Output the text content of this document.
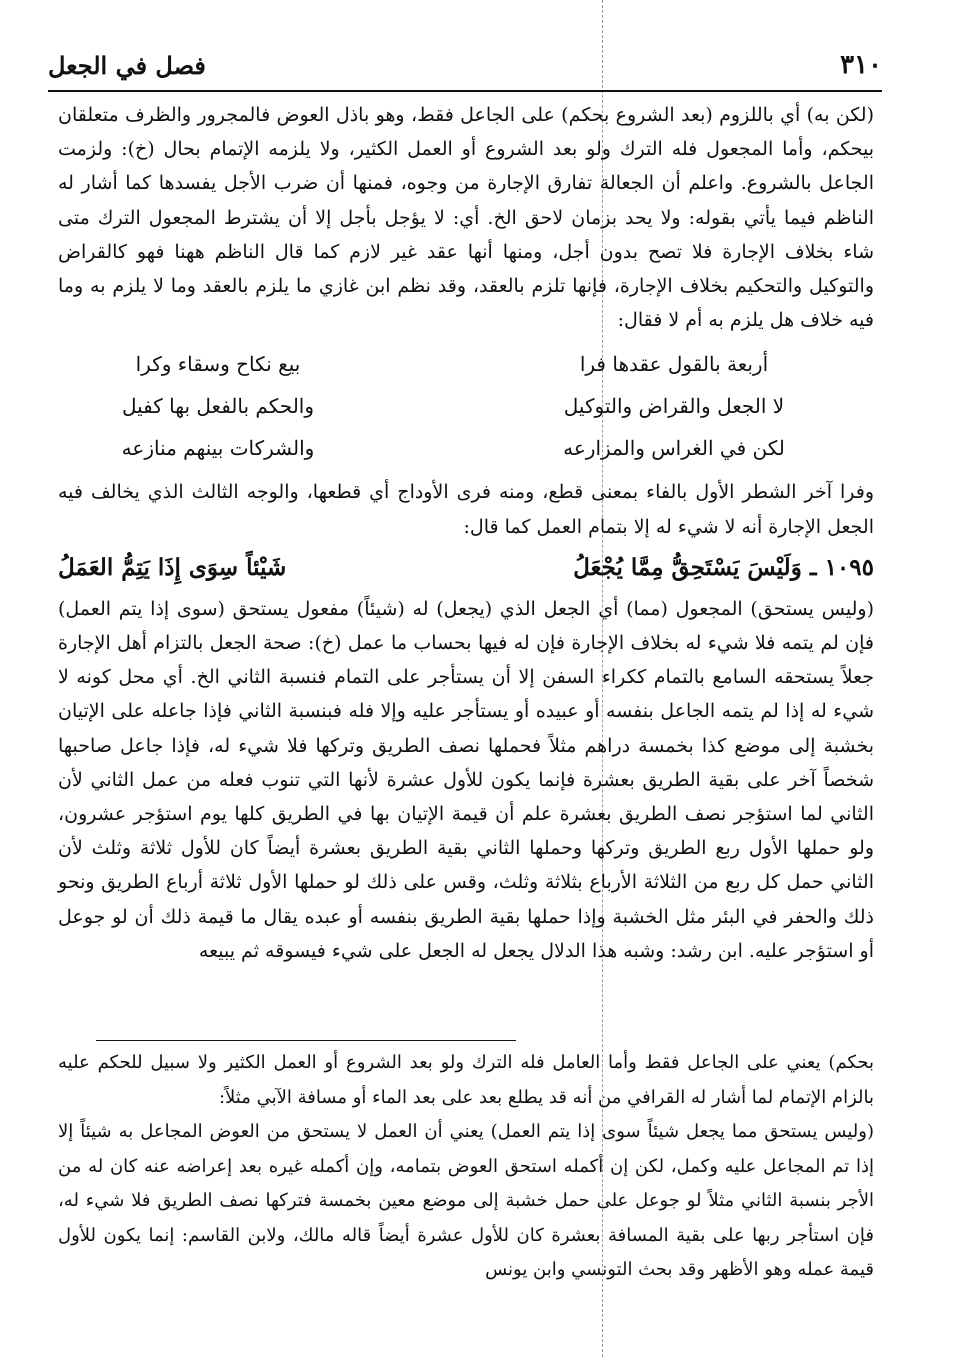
فصل في الجعل	٣١٠

(لكن به) أي باللزوم (بعد الشروع بحكم) على الجاعل فقط، وهو باذل العوض فالمجرور والظرف متعلقان بيحكم، وأما المجعول فله الترك ولو بعد الشروع أو العمل الكثير، ولا يلزمه الإتمام بحال (خ): ولزمت الجاعل بالشروع. واعلم أن الجعالة تفارق الإجارة من وجوه، فمنها أن ضرب الأجل يفسدها كما أشار له الناظم فيما يأتي بقوله: ولا يحد بزمان لاحق الخ. أي: لا يؤجل بأجل إلا أن يشترط المجعول الترك متى شاء بخلاف الإجارة فلا تصح بدون أجل، ومنها أنها عقد غير لازم كما قال الناظم ههنا فهو كالقراض والتوكيل والتحكيم بخلاف الإجارة، فإنها تلزم بالعقد، وقد نظم ابن غازي ما يلزم بالعقد وما لا يلزم به وما فيه خلاف هل يلزم به أم لا فقال:

أربعة بالقول عقدها فرا
بيع نكاح وسقاء وكرا
لا الجعل والقراض والتوكيل
والحكم بالفعل بها كفيل
لكن في الغراس والمزارعه
والشركات بينهم منازعه

وفرا آخر الشطر الأول بالفاء بمعنى قطع، ومنه فرى الأوداج أي قطعها، والوجه الثالث الذي يخالف فيه الجعل الإجارة أنه لا شيء له إلا بتمام العمل كما قال:

١٠٩٥ ـ وَلَيْسَ يَسْتَحِقُّ مِمَّا يُجْعَلُ
شَيْئاً سِوَى إِذَا يَتِمُّ العَمَلُ

(وليس يستحق) المجعول (مما) أي الجعل الذي (يجعل) له (شيئاً) مفعول يستحق (سوى إذا يتم العمل) فإن لم يتمه فلا شيء له بخلاف الإجارة فإن له فيها بحساب ما عمل (خ): صحة الجعل بالتزام أهل الإجارة جعلاً يستحقه السامع بالتمام ككراء السفن إلا أن يستأجر على التمام فنسبة الثاني الخ. أي محل كونه لا شيء له إذا لم يتمه الجاعل بنفسه أو عبيده أو يستأجر عليه وإلا فله فبنسبة الثاني فإذا جاعله على الإتيان بخشبة إلى موضع كذا بخمسة دراهم مثلاً فحملها نصف الطريق وتركها فلا شيء له، فإذا جاعل صاحبها شخصاً آخر على بقية الطريق بعشرة فإنما يكون للأول عشرة لأنها التي تنوب فعله من عمل الثاني لأن الثاني لما استؤجر نصف الطريق بعشرة علم أن قيمة الإتيان بها في الطريق كلها يوم استؤجر عشرون، ولو حملها الأول ربع الطريق وتركها وحملها الثاني بقية الطريق بعشرة أيضاً كان للأول ثلاثة وثلث لأن الثاني حمل كل ربع من الثلاثة الأرباع بثلاثة وثلث، وقس على ذلك لو حملها الأول ثلاثة أرباع الطريق ونحو ذلك والحفر في البئر مثل الخشبة وإذا حملها بقية الطريق بنفسه أو عبده يقال ما قيمة ذلك أن لو جوعل أو استؤجر عليه. ابن رشد: وشبه هذا الدلال يجعل له الجعل على شيء فيسوقه ثم يبيعه

بحكم) يعني على الجاعل فقط وأما العامل فله الترك ولو بعد الشروع أو العمل الكثير ولا سبيل للحكم عليه بالزام الإتمام لما أشار له القرافي من أنه قد يطلع بعد على بعد الماء أو مسافة الآبي مثلاً:

(وليس يستحق مما يجعل شيئاً سوى إذا يتم العمل) يعني أن العمل لا يستحق من العوض المجاعل به شيئاً إلا إذا تم المجاعل عليه وكمل، لكن إن أكمله استحق العوض بتمامه، وإن أكمله غيره بعد إعراضه عنه كان له من الأجر بنسبة الثاني مثلاً لو جوعل على حمل خشبة إلى موضع معين بخمسة فتركها نصف الطريق فلا شيء له، فإن استأجر ربها على بقية المسافة بعشرة كان للأول عشرة أيضاً قاله مالك، ولابن القاسم: إنما يكون للأول قيمة عمله وهو الأظهر وقد بحث التونسي وابن يونس
